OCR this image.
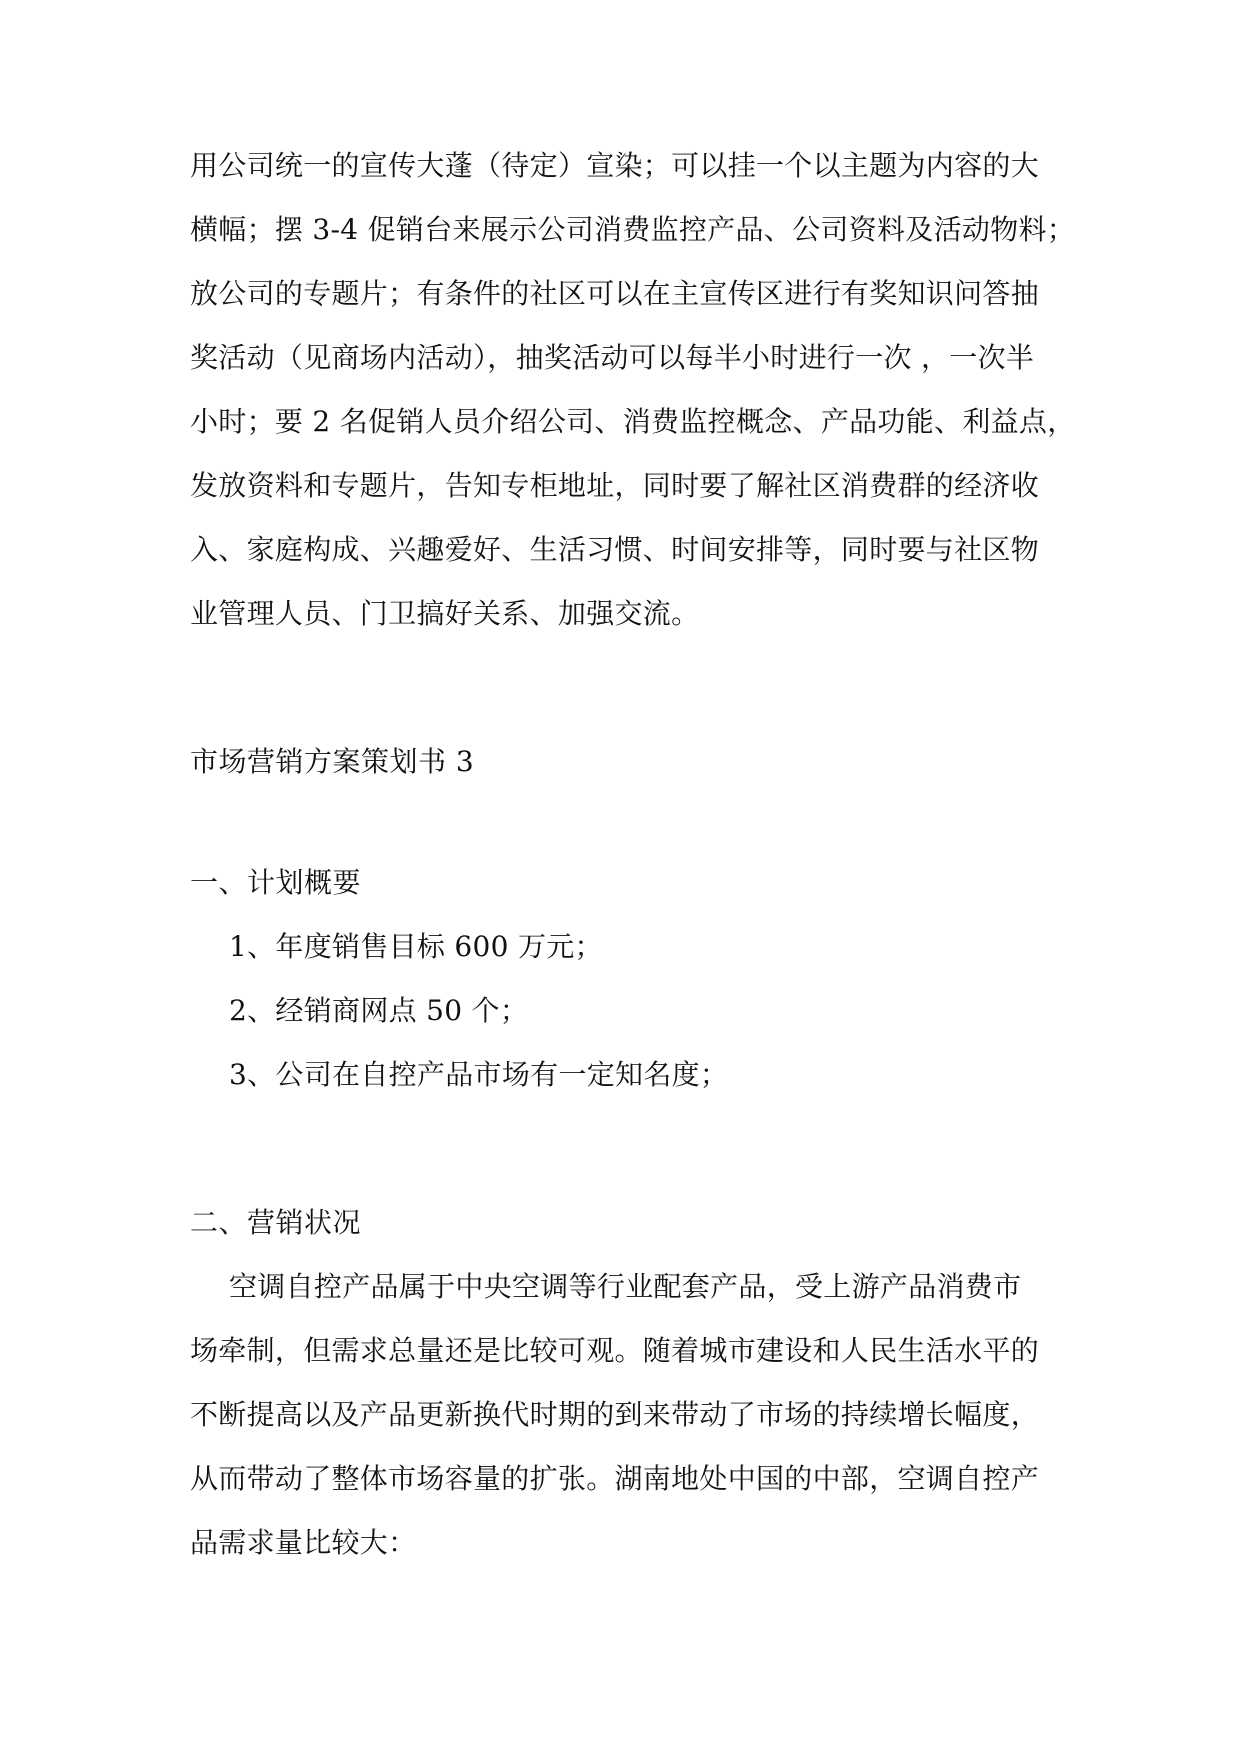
用公司统一的宣传大蓬（待定）宣染；可以挂一个以主题为内容的大
横幅；摆 3-4 促销台来展示公司消费监控产品、公司资料及活动物料；
放公司的专题片；有条件的社区可以在主宣传区进行有奖知识问答抽
奖活动（见商场内活动），抽奖活动可以每半小时进行一次 ，一次半
小时；要 2 名促销人员介绍公司、消费监控概念、产品功能、利益点，
发放资料和专题片，告知专柜地址，同时要了解社区消费群的经济收
入、家庭构成、兴趣爱好、生活习惯、时间安排等，同时要与社区物
业管理人员、门卫搞好关系、加强交流。
市场营销方案策划书 3
一、计划概要
1、年度销售目标 600 万元；
2、经销商网点 50 个；
3、公司在自控产品市场有一定知名度；
二、营销状况
空调自控产品属于中央空调等行业配套产品，受上游产品消费市
场牵制，但需求总量还是比较可观。随着城市建设和人民生活水平的
不断提高以及产品更新换代时期的到来带动了市场的持续增长幅度，
从而带动了整体市场容量的扩张。湖南地处中国的中部，空调自控产
品需求量比较大：
